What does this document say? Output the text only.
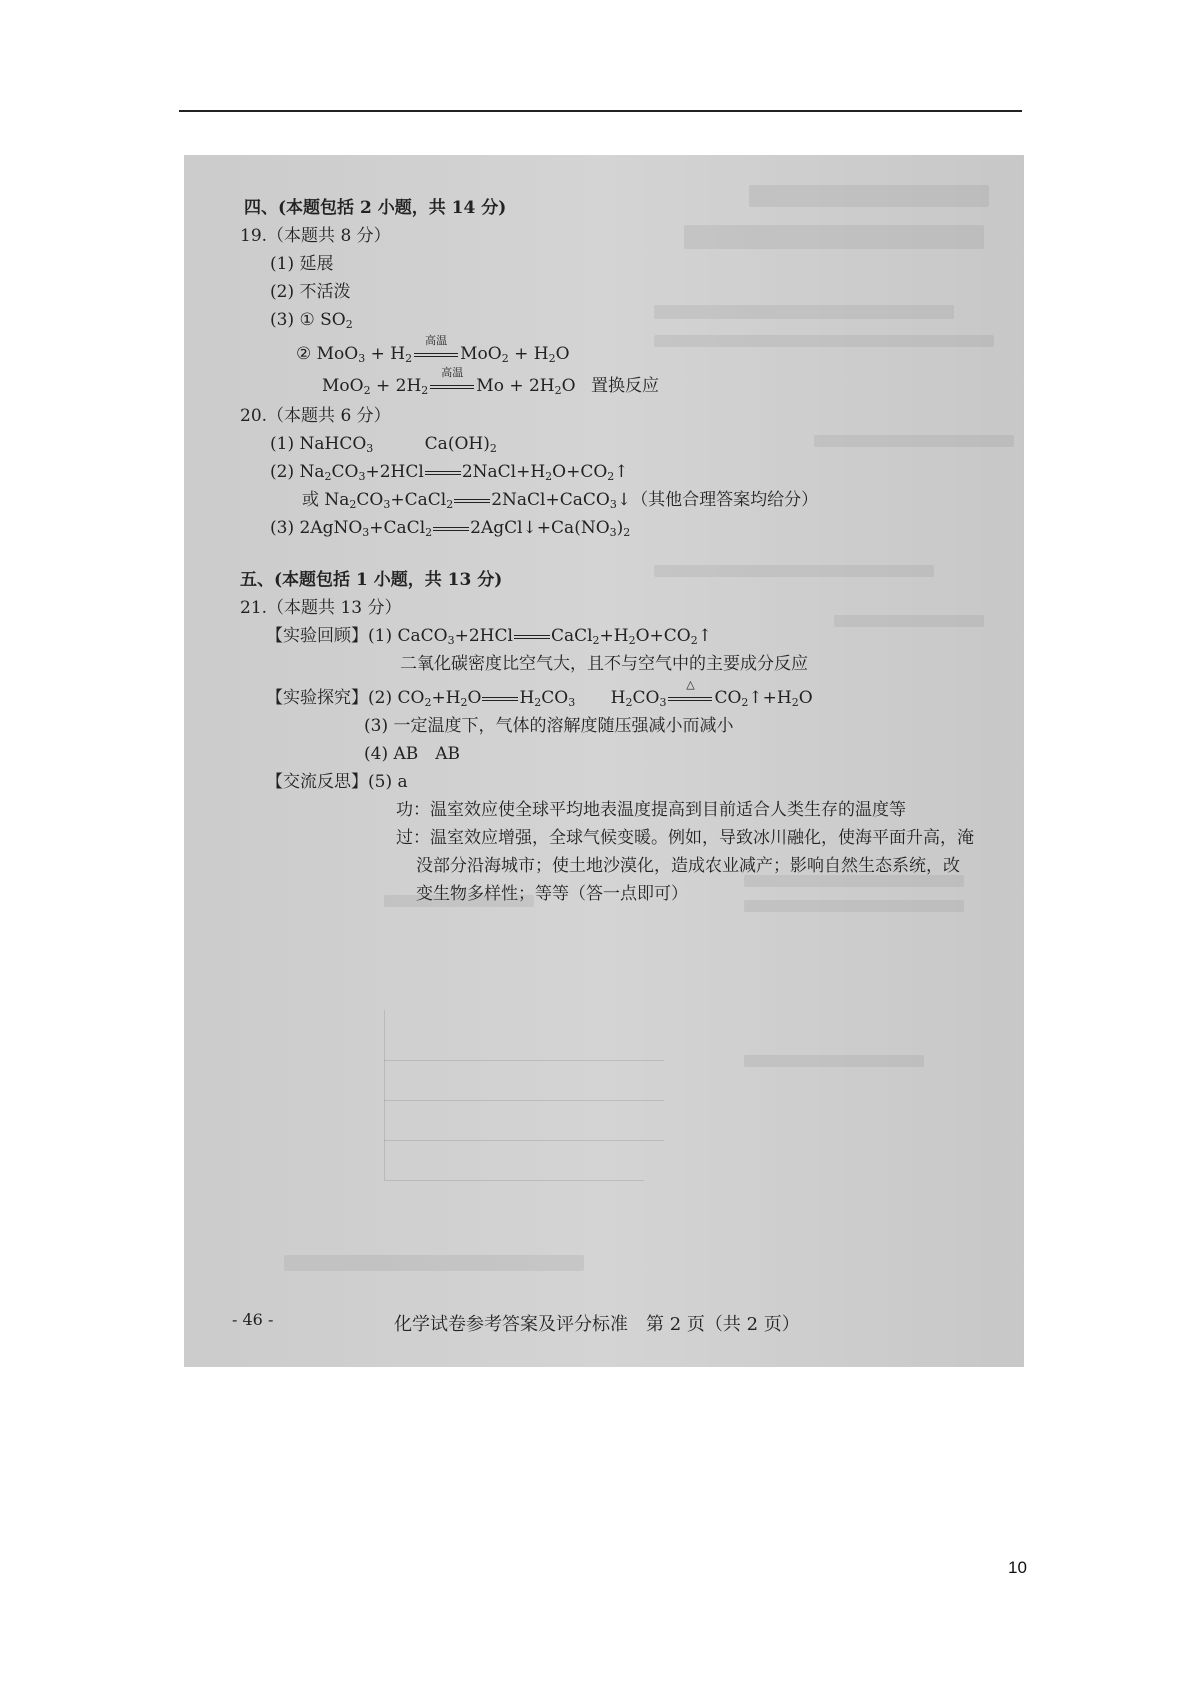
四、(本题包括 2 小题，共 14 分)
19.（本题共 8 分）
(1) 延展
(2) 不活泼
(3) ① $SO_2$
② $MoO_3 + H_2$
高温
$MoO_2 + H_2O$
$MoO_2 + 2H_2$
高温
$Mo + 2H_2O$ 置换反应
20.（本题共 6 分）
(1) NaHCO$_3$	$Ca(OH)_2$
(2) $Na_2CO_3+2HCl$ $2NaCl+H_2O+CO_2↑$
或 $Na_2CO_3+CaCl_2$ 2NaCl+CaCO$_3$↓（其他合理答案均给分）
(3) 2AgNO$_3$+CaCl$_2$ $2AgCl↓+Ca(NO_3)_2$
五、(本题包括 1 小题，共 13 分)
21.（本题共 13 分）
【实验回顾】(1) CaCO$_3$+2HCl $CaCl_2+H_2O+CO_2↑$
二氧化碳密度比空气大，且不与空气中的主要成分反应
【实验探究】(2) $CO_2+H_2O$ $H_2CO_3$ $H_2CO_3$
△
$CO_2↑+H_2O$
(3) 一定温度下，气体的溶解度随压强减小而减小
(4) AB　AB
【交流反思】(5) a
功：温室效应使全球平均地表温度提高到目前适合人类生存的温度等
过：温室效应增强，全球气候变暖。例如，导致冰川融化，使海平面升高，淹
没部分沿海城市；使土地沙漠化，造成农业减产；影响自然生态系统，改
变生物多样性；等等（答一点即可）
- 46 -	化学试卷参考答案及评分标准　第 2 页（共 2 页）
10
